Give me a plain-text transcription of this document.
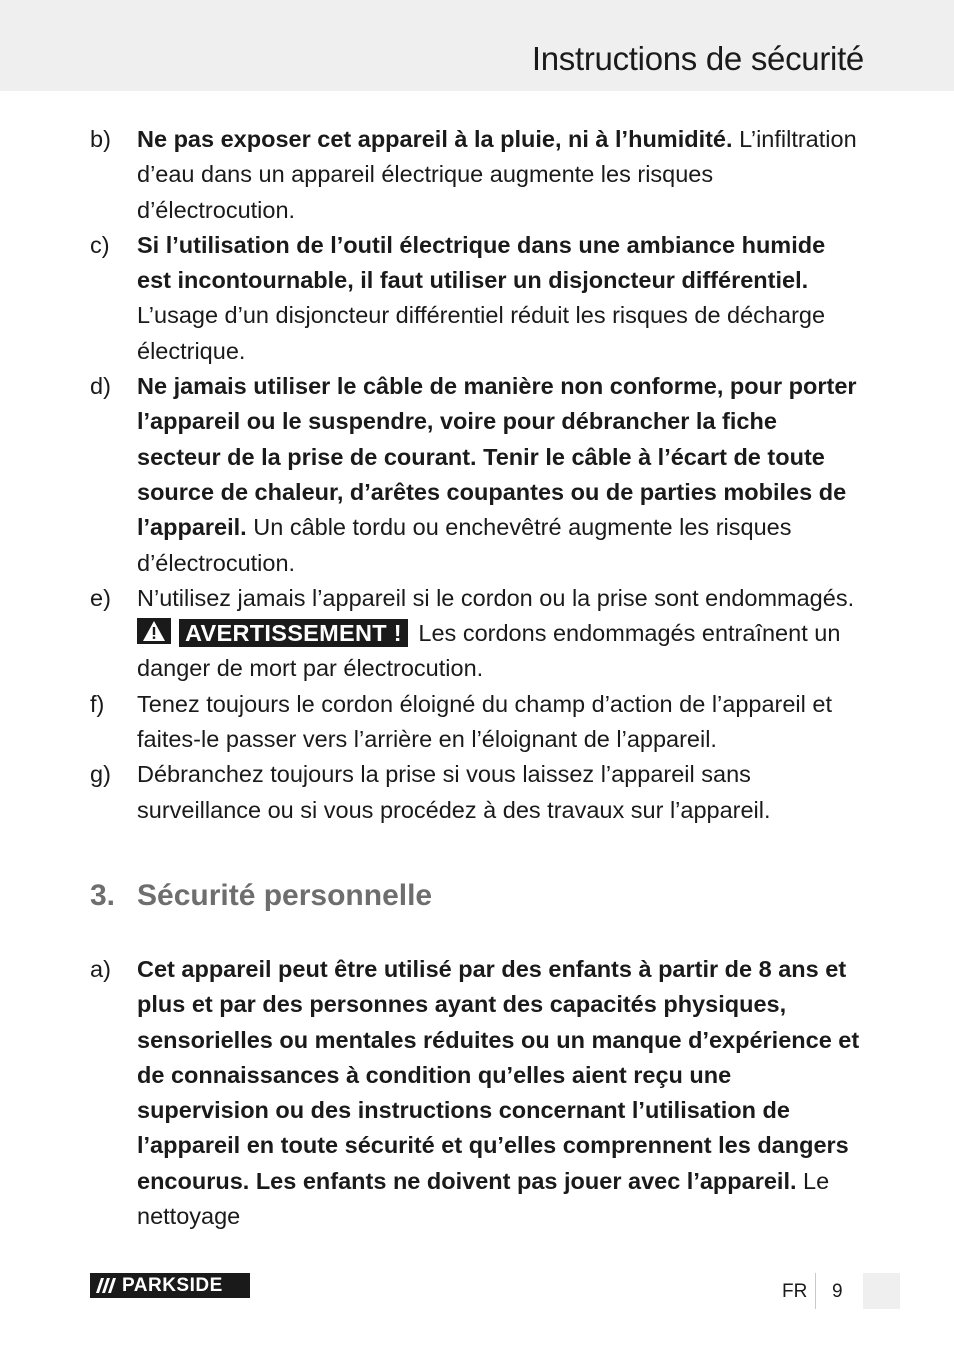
Instructions de sécurité
b) Ne pas exposer cet appareil à la pluie, ni à l’humidité. L’infiltration d’eau dans un appareil électrique augmente les risques d’électrocution.
c) Si l’utilisation de l’outil électrique dans une ambiance humide est incontournable, il faut utiliser un disjoncteur différentiel. L’usage d’un disjoncteur différentiel réduit les risques de décharge électrique.
d) Ne jamais utiliser le câble de manière non conforme, pour porter l’appareil ou le suspendre, voire pour débrancher la fiche secteur de la prise de courant. Tenir le câble à l’écart de toute source de chaleur, d’arêtes coupantes ou de parties mobiles de l’appareil. Un câble tordu ou enchevêtré augmente les risques d’électrocution.
e) N’utilisez jamais l’appareil si le cordon ou la prise sont endommagés.
AVERTISSEMENT ! Les cordons endommagés entraînent un danger de mort par électrocution.
f) Tenez toujours le cordon éloigné du champ d’action de l’appareil et faites-le passer vers l’arrière en l’éloignant de l’appareil.
g) Débranchez toujours la prise si vous laissez l’appareil sans surveillance ou si vous procédez à des travaux sur l’appareil.
3. Sécurité personnelle
a) Cet appareil peut être utilisé par des enfants à partir de 8 ans et plus et par des personnes ayant des capacités physiques, sensorielles ou mentales réduites ou un manque d’expérience et de connaissances à condition qu’elles aient reçu une supervision ou des instructions concernant l’utilisation de l’appareil en toute sécurité et qu’elles comprennent les dangers encourus. Les enfants ne doivent pas jouer avec l’appareil. Le nettoyage
PARKSIDE	FR 9
